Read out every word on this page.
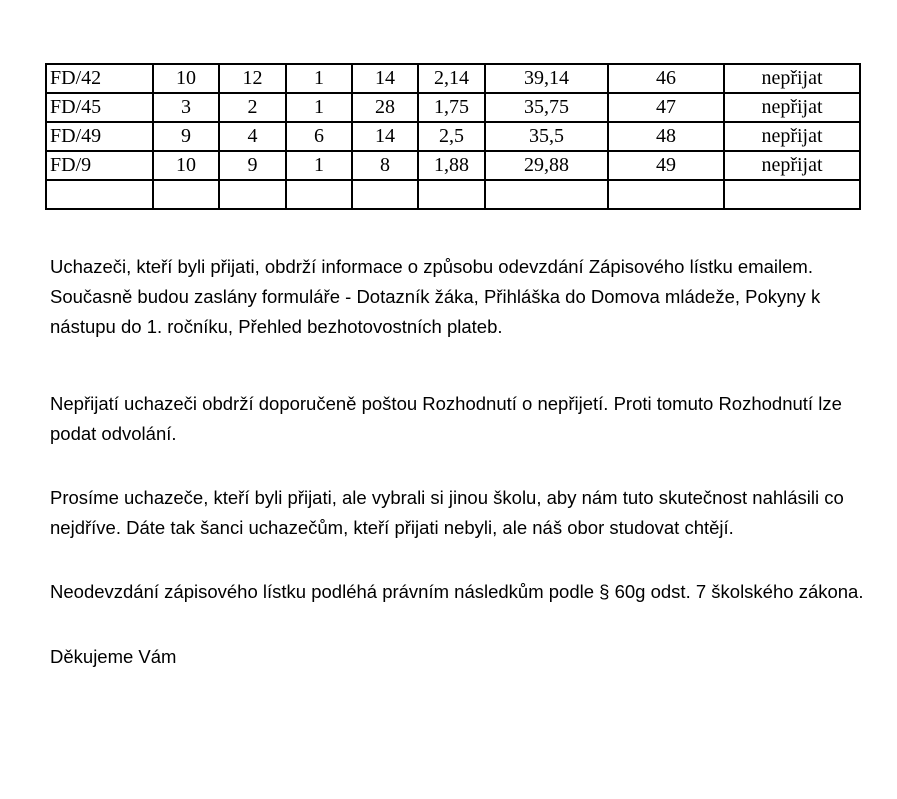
FD/42	10	12	1	14	2,14	39,14	46	nepřijat
FD/45	3	2	1	28	1,75	35,75	47	nepřijat
FD/49	9	4	6	14	2,5	35,5	48	nepřijat
FD/9	10	9	1	8	1,88	29,88	49	nepřijat

Uchazeči, kteří byli přijati, obdrží informace o způsobu odevzdání Zápisového lístku emailem. Současně budou zaslány formuláře - Dotazník žáka, Přihláška do Domova mládeže, Pokyny k nástupu do 1. ročníku, Přehled bezhotovostních plateb.

Nepřijatí uchazeči obdrží doporučeně poštou Rozhodnutí o nepřijetí. Proti tomuto Rozhodnutí lze podat odvolání.

Prosíme uchazeče, kteří byli přijati, ale vybrali si jinou školu, aby nám tuto skutečnost nahlásili co nejdříve. Dáte tak šanci uchazečům, kteří přijati nebyli, ale náš obor studovat chtějí.

Neodevzdání zápisového lístku podléhá právním následkům podle § 60g odst. 7 školského zákona.

Děkujeme Vám
